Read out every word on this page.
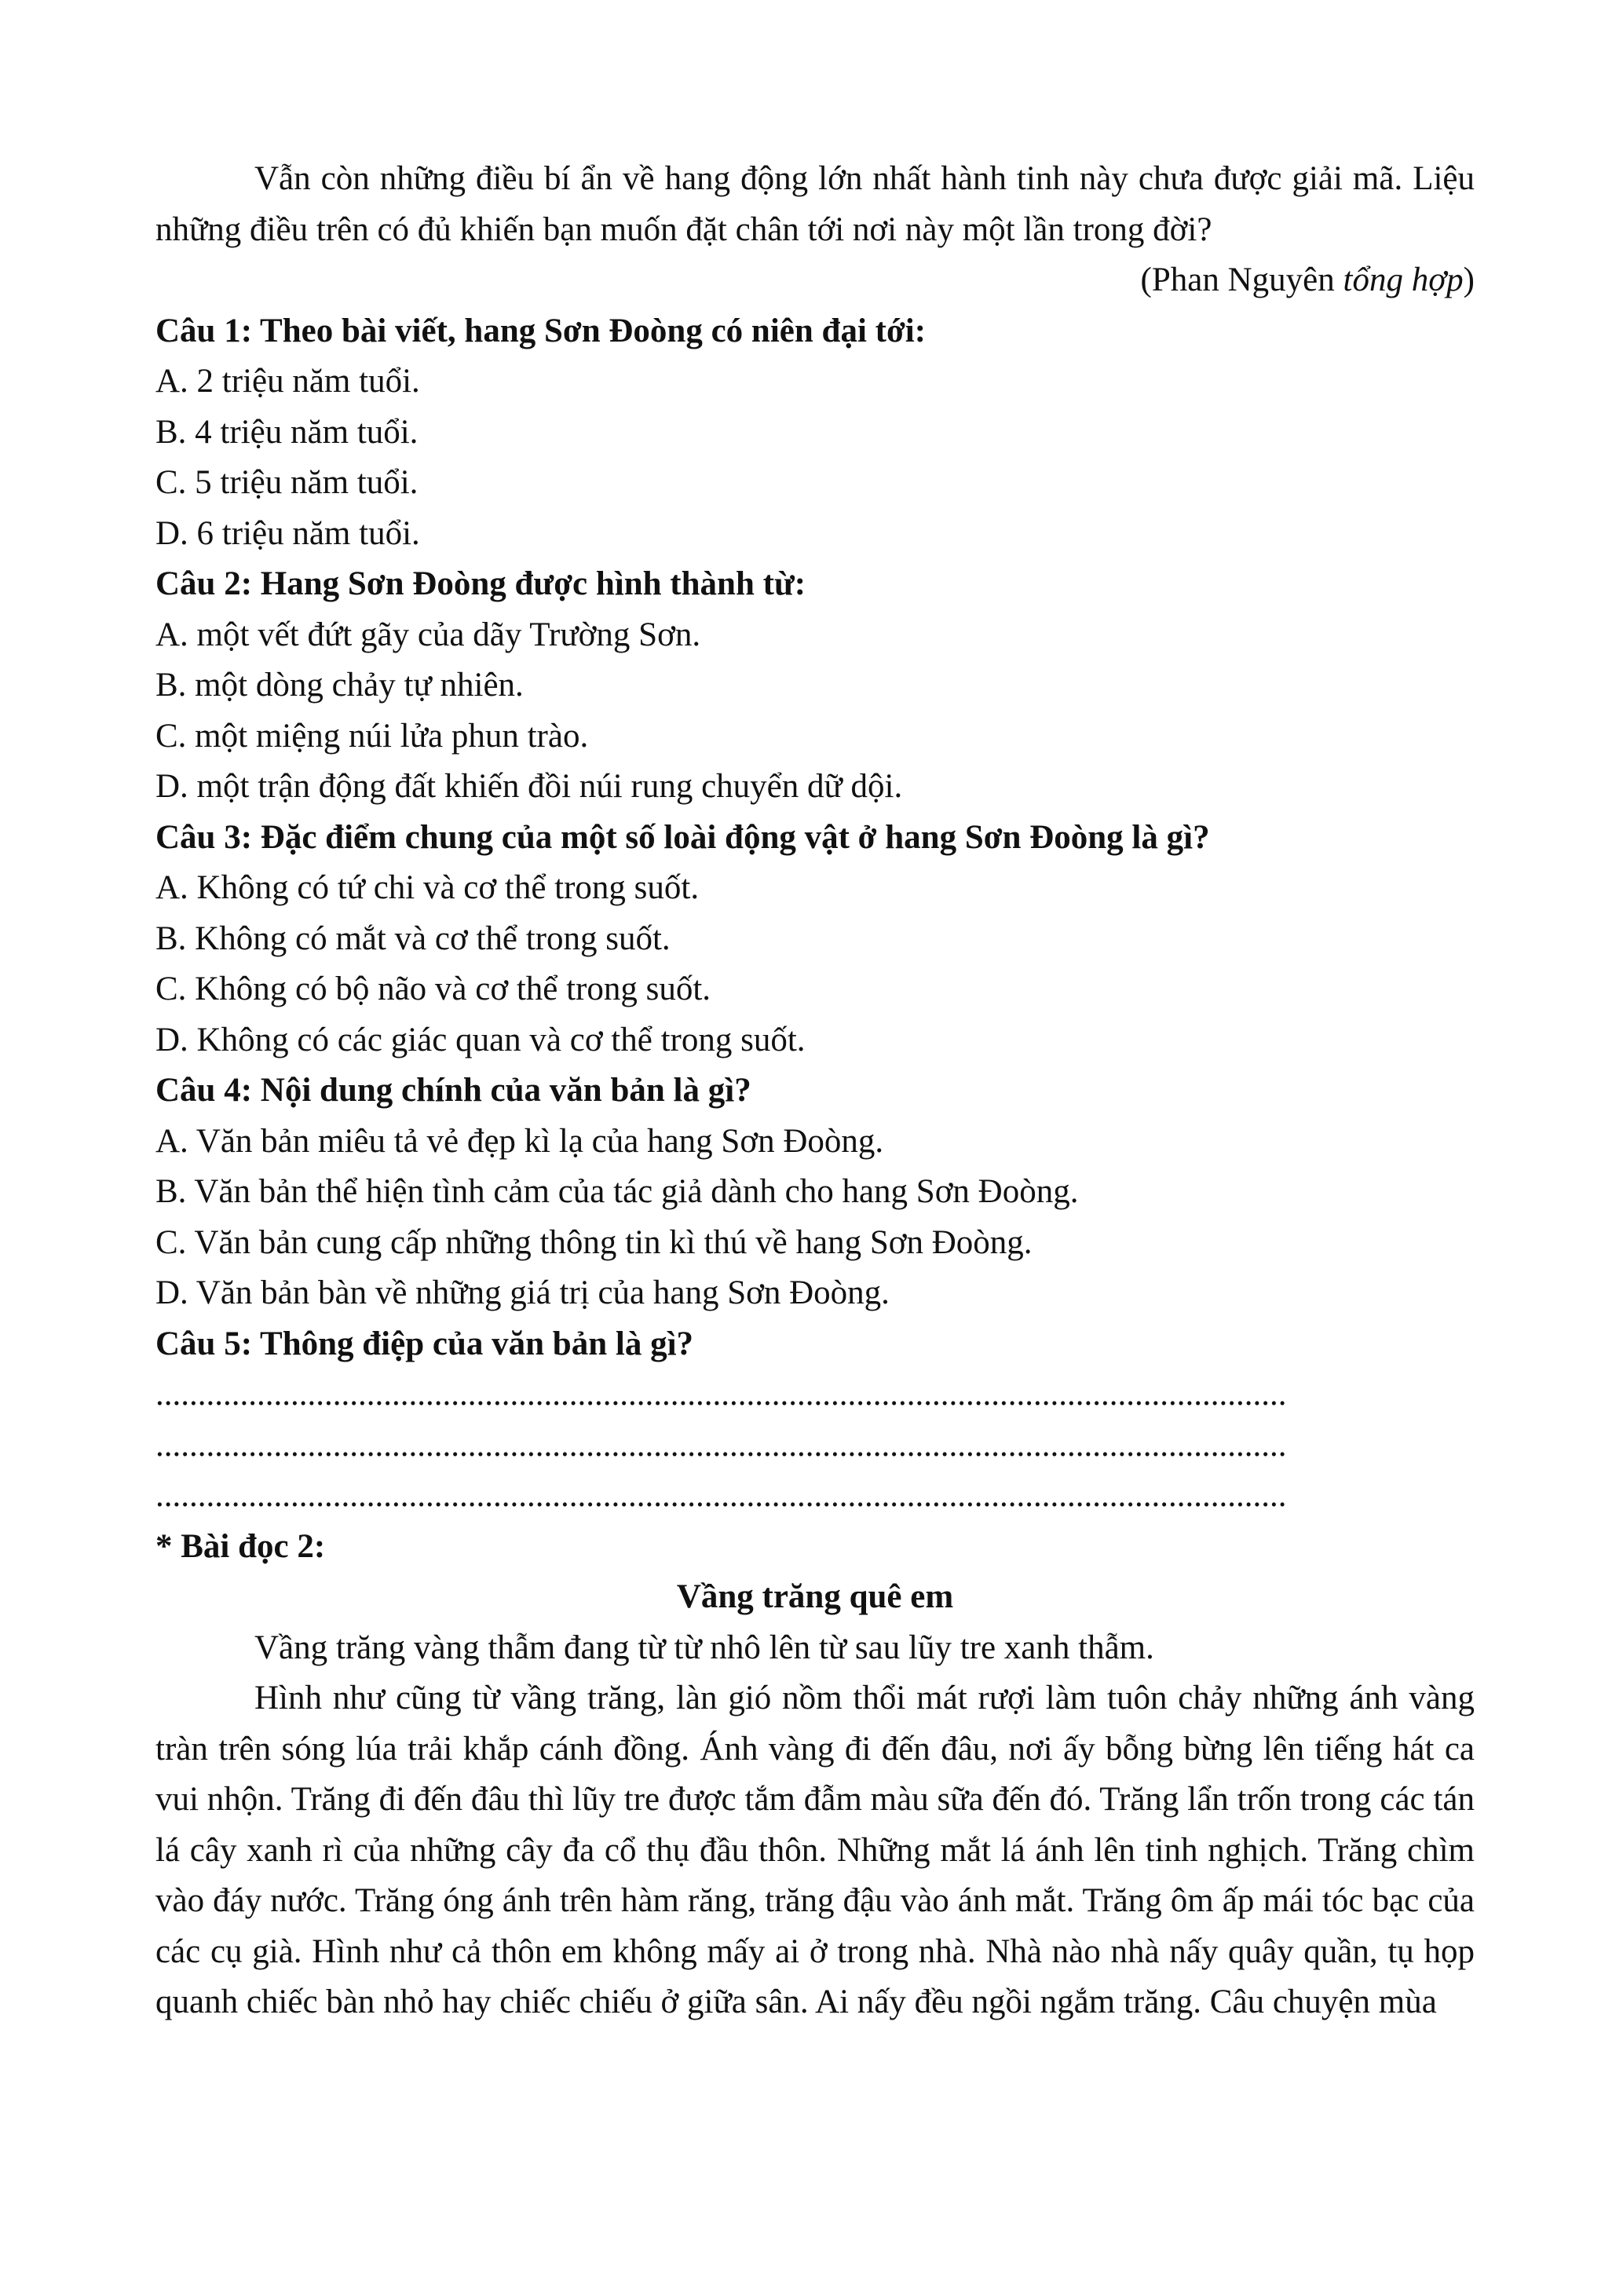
Vẫn còn những điều bí ẩn về hang động lớn nhất hành tinh này chưa được giải mã. Liệu những điều trên có đủ khiến bạn muốn đặt chân tới nơi này một lần trong đời?

(Phan Nguyên tổng hợp)

Câu 1: Theo bài viết, hang Sơn Đoòng có niên đại tới:

A. 2 triệu năm tuổi.

B. 4 triệu năm tuổi.

C. 5 triệu năm tuổi.

D. 6 triệu năm tuổi.

Câu 2: Hang Sơn Đoòng được hình thành từ:

A. một vết đứt gãy của dãy Trường Sơn.

B. một dòng chảy tự nhiên.

C. một miệng núi lửa phun trào.

D. một trận động đất khiến đồi núi rung chuyển dữ dội.

Câu 3: Đặc điểm chung của một số loài động vật ở hang Sơn Đoòng là gì?

A. Không có tứ chi và cơ thể trong suốt.

B. Không có mắt và cơ thể trong suốt.

C. Không có bộ não và cơ thể trong suốt.

D. Không có các giác quan và cơ thể trong suốt.

Câu 4: Nội dung chính của văn bản là gì?

A. Văn bản miêu tả vẻ đẹp kì lạ của hang Sơn Đoòng.

B. Văn bản thể hiện tình cảm của tác giả dành cho hang Sơn Đoòng.

C. Văn bản cung cấp những thông tin kì thú về hang Sơn Đoòng.

D. Văn bản bàn về những giá trị của hang Sơn Đoòng.

Câu 5: Thông điệp của văn bản là gì?

......................................................................................................................................

......................................................................................................................................

......................................................................................................................................

* Bài đọc 2:

Vầng trăng quê em

Vầng trăng vàng thẫm đang từ từ nhô lên từ sau lũy tre xanh thẫm.

Hình như cũng từ vầng trăng, làn gió nồm thổi mát rượi làm tuôn chảy những ánh vàng tràn trên sóng lúa trải khắp cánh đồng. Ánh vàng đi đến đâu, nơi ấy bỗng bừng lên tiếng hát ca vui nhộn. Trăng đi đến đâu thì lũy tre được tắm đẫm màu sữa đến đó. Trăng lẩn trốn trong các tán lá cây xanh rì của những cây đa cổ thụ đầu thôn. Những mắt lá ánh lên tinh nghịch. Trăng chìm vào đáy nước. Trăng óng ánh trên hàm răng, trăng đậu vào ánh mắt. Trăng ôm ấp mái tóc bạc của các cụ già. Hình như cả thôn em không mấy ai ở trong nhà. Nhà nào nhà nấy quây quần, tụ họp quanh chiếc bàn nhỏ hay chiếc chiếu ở giữa sân. Ai nấy đều ngồi ngắm trăng. Câu chuyện mùa
